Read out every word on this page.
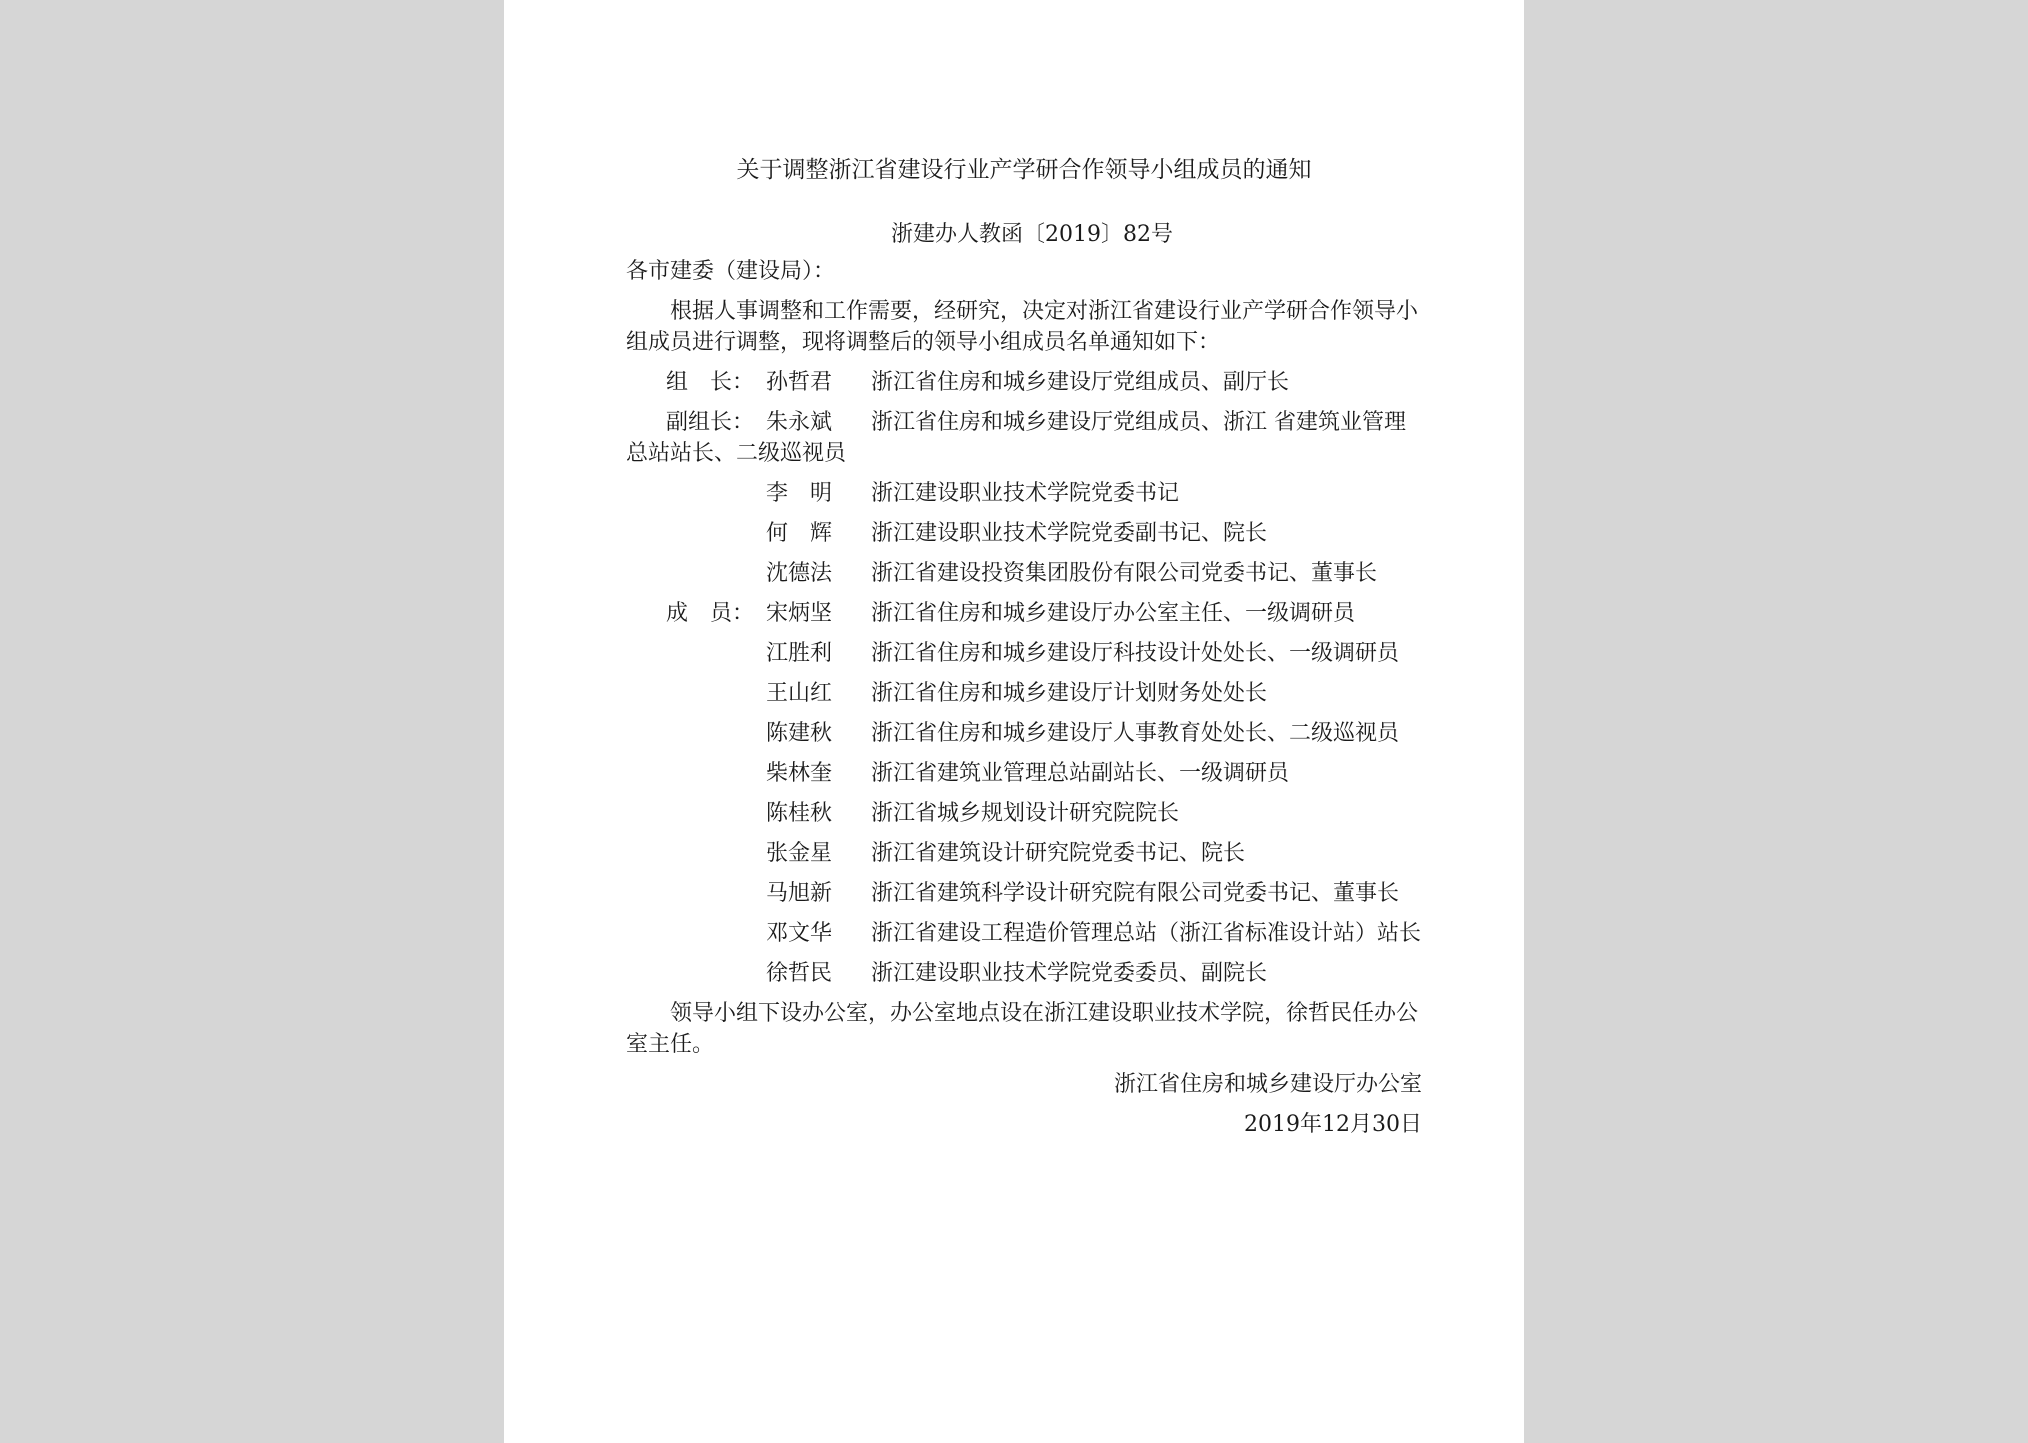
关于调整浙江省建设行业产学研合作领导小组成员的通知
浙建办人教函〔2019〕82号
各市建委（建设局）：
根据人事调整和工作需要，经研究，决定对浙江省建设行业产学研合作领导小组成员进行调整，现将调整后的领导小组成员名单通知如下：
组　长： 孙哲君 浙江省住房和城乡建设厅党组成员、副厅长
副组长： 朱永斌 浙江省住房和城乡建设厅党组成员、浙江 省建筑业管理总站站长、二级巡视员
李　明 浙江建设职业技术学院党委书记
何　辉 浙江建设职业技术学院党委副书记、院长
沈德法 浙江省建设投资集团股份有限公司党委书记、董事长
成　员： 宋炳坚 浙江省住房和城乡建设厅办公室主任、一级调研员
江胜利 浙江省住房和城乡建设厅科技设计处处长、一级调研员
王山红 浙江省住房和城乡建设厅计划财务处处长
陈建秋 浙江省住房和城乡建设厅人事教育处处长、二级巡视员
柴林奎 浙江省建筑业管理总站副站长、一级调研员
陈桂秋 浙江省城乡规划设计研究院院长
张金星 浙江省建筑设计研究院党委书记、院长
马旭新 浙江省建筑科学设计研究院有限公司党委书记、董事长
邓文华 浙江省建设工程造价管理总站（浙江省标准设计站）站长
徐哲民 浙江建设职业技术学院党委委员、副院长
领导小组下设办公室，办公室地点设在浙江建设职业技术学院，徐哲民任办公室主任。
浙江省住房和城乡建设厅办公室
2019年12月30日
